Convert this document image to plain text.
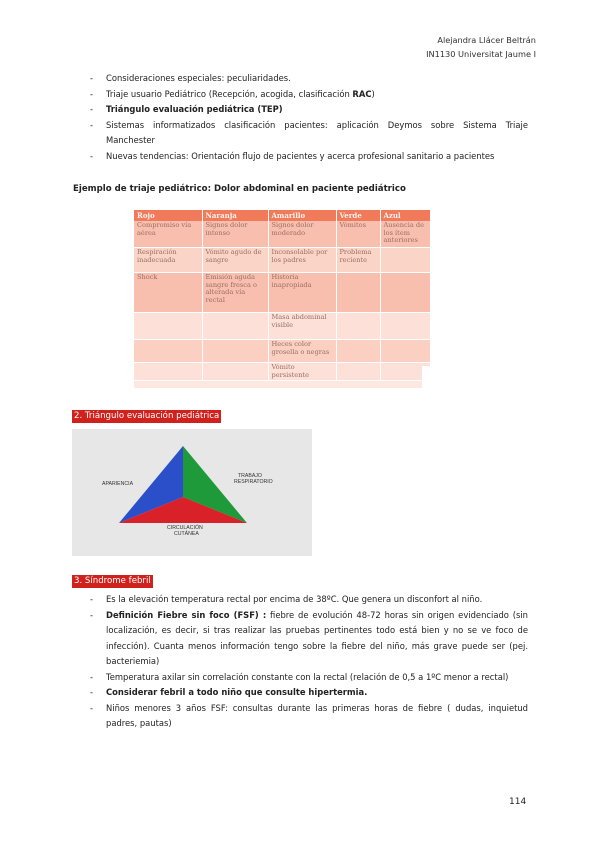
Alejandra Llácer Beltrán
IN1130 Universitat Jaume I
- Consideraciones especiales: peculiaridades.
- Triaje usuario Pediátrico (Recepción, acogida, clasificación RAC)
- Triángulo evaluación pediátrica (TEP)
- Sistemas informatizados clasificación pacientes: aplicación Deymos sobre Sistema Triaje Manchester
- Nuevas tendencias: Orientación flujo de pacientes y acerca profesional sanitario a pacientes
Ejemplo de triaje pediátrico: Dolor abdominal en paciente pediátrico
Rojo	Naranja	Amarillo	Verde	Azul
Compromiso vía aérea	Signos dolor intenso	Signos dolor moderado	Vómitos	Ausencia de los ítem anteriores
Respiración inadecuada	Vómito agudo de sangre	Inconsolable por los padres	Problema reciente	
Shock	Emisión aguda sangre fresca o alterada vía rectal	Historia inapropiada		
		Masa abdominal visible		
		Heces color grosella o negras		
		Vómito persistente		
2. Triángulo evaluación pediátrica
APARIENCIA
TRABAJO
RESPIRATORIO
CIRCULACIÓN
CUTÁNEA
3. Síndrome febril
- Es la elevación temperatura rectal por encima de 38ºC. Que genera un disconfort al niño.
- Definición Fiebre sin foco (FSF) : fiebre de evolución 48-72 horas sin origen evidenciado (sin localización, es decir, si tras realizar las pruebas pertinentes todo está bien y no se ve foco de infección). Cuanta menos información tengo sobre la fiebre del niño, más grave puede ser (pej. bacteriemia)
- Temperatura axilar sin correlación constante con la rectal (relación de 0,5 a 1ºC menor a rectal)
- Considerar febril a todo niño que consulte hipertermia.
- Niños menores 3 años FSF: consultas durante las primeras horas de fiebre ( dudas, inquietud padres, pautas)
114
